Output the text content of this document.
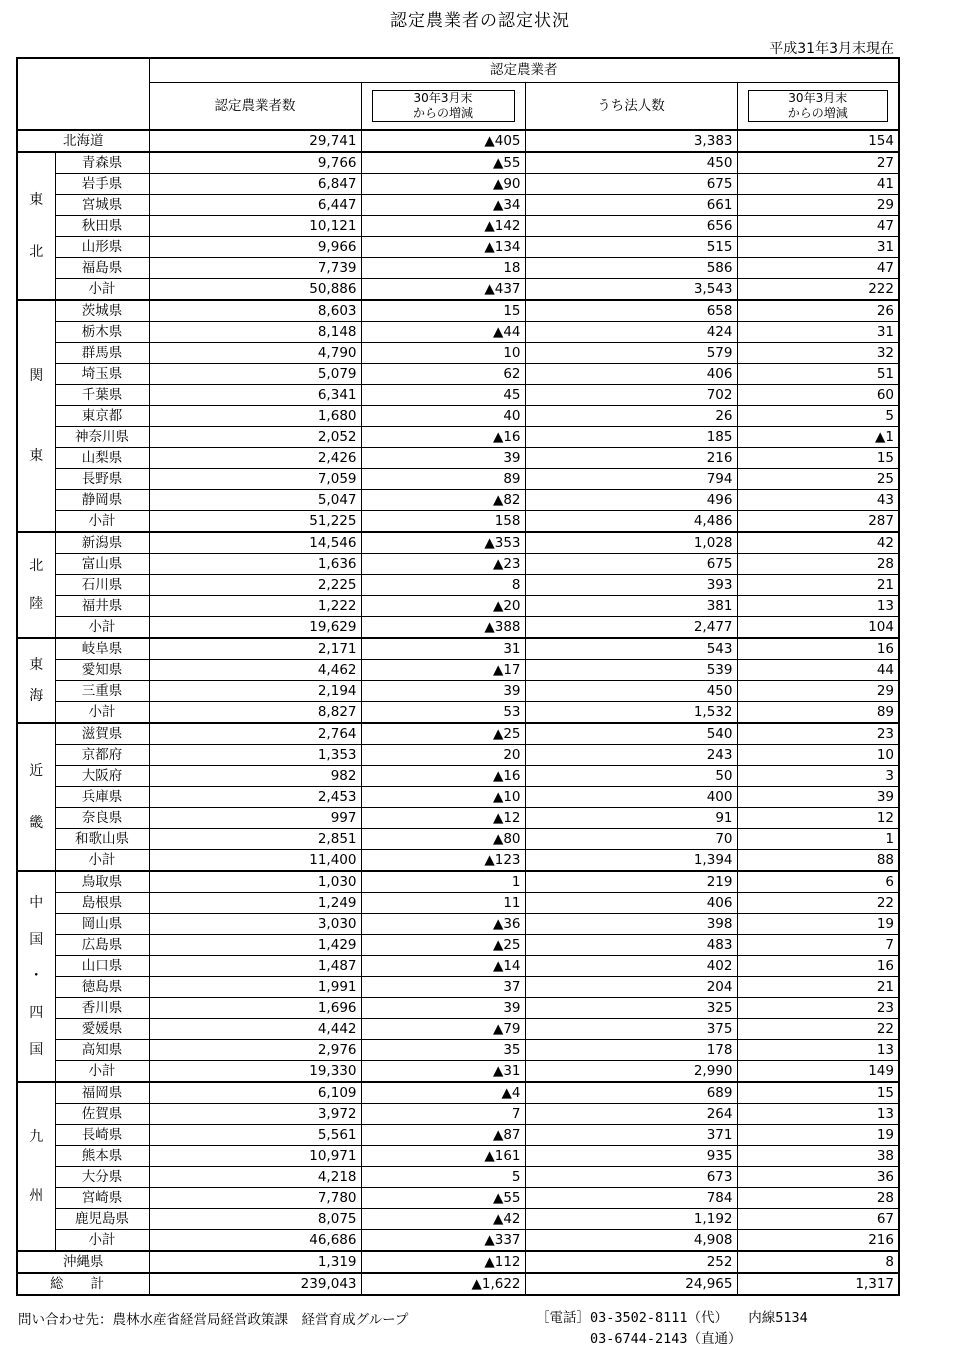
認定農業者の認定状況
平成31年3月末現在
		認定農業者			
		認定農業者数	30年3月末
からの増減	うち法人数	30年3月末
からの増減

北海道		29,741	▲405	3,383	154

東
北	青森県	9,766	▲55	450	27
	岩手県	6,847	▲90	675	41
	宮城県	6,447	▲34	661	29
	秋田県	10,121	▲142	656	47
	山形県	9,966	▲134	515	31
	福島県	7,739	18	586	47
	小計	50,886	▲437	3,543	222

関
東	茨城県	8,603	15	658	26
	栃木県	8,148	▲44	424	31
	群馬県	4,790	10	579	32
	埼玉県	5,079	62	406	51
	千葉県	6,341	45	702	60
	東京都	1,680	40	26	5
	神奈川県	2,052	▲16	185	▲1
	山梨県	2,426	39	216	15
	長野県	7,059	89	794	25
	静岡県	5,047	▲82	496	43
	小計	51,225	158	4,486	287

北
陸	新潟県	14,546	▲353	1,028	42
	富山県	1,636	▲23	675	28
	石川県	2,225	8	393	21
	福井県	1,222	▲20	381	13
	小計	19,629	▲388	2,477	104

東
海	岐阜県	2,171	31	543	16
	愛知県	4,462	▲17	539	44
	三重県	2,194	39	450	29
	小計	8,827	53	1,532	89

近
畿	滋賀県	2,764	▲25	540	23
	京都府	1,353	20	243	10
	大阪府	982	▲16	50	3
	兵庫県	2,453	▲10	400	39
	奈良県	997	▲12	91	12
	和歌山県	2,851	▲80	70	1
	小計	11,400	▲123	1,394	88

中
国
・
四
国	鳥取県	1,030	1	219	6
	島根県	1,249	11	406	22
	岡山県	3,030	▲36	398	19
	広島県	1,429	▲25	483	7
	山口県	1,487	▲14	402	16
	徳島県	1,991	37	204	21
	香川県	1,696	39	325	23
	愛媛県	4,442	▲79	375	22
	高知県	2,976	35	178	13
	小計	19,330	▲31	2,990	149

九
州	福岡県	6,109	▲4	689	15
	佐賀県	3,972	7	264	13
	長崎県	5,561	▲87	371	19
	熊本県	10,971	▲161	935	38
	大分県	4,218	5	673	36
	宮崎県	7,780	▲55	784	28
	鹿児島県	8,075	▲42	1,192	67
	小計	46,686	▲337	4,908	216
沖縄県		1,319	▲112	252	8
総　　計		239,043	▲1,622	24,965	1,317
問い合わせ先：農林水産省経営局経営政策課　経営育成グループ	［電話］03-3502-8111（代）　　内線5134
　　　　03-6744-2143（直通）
